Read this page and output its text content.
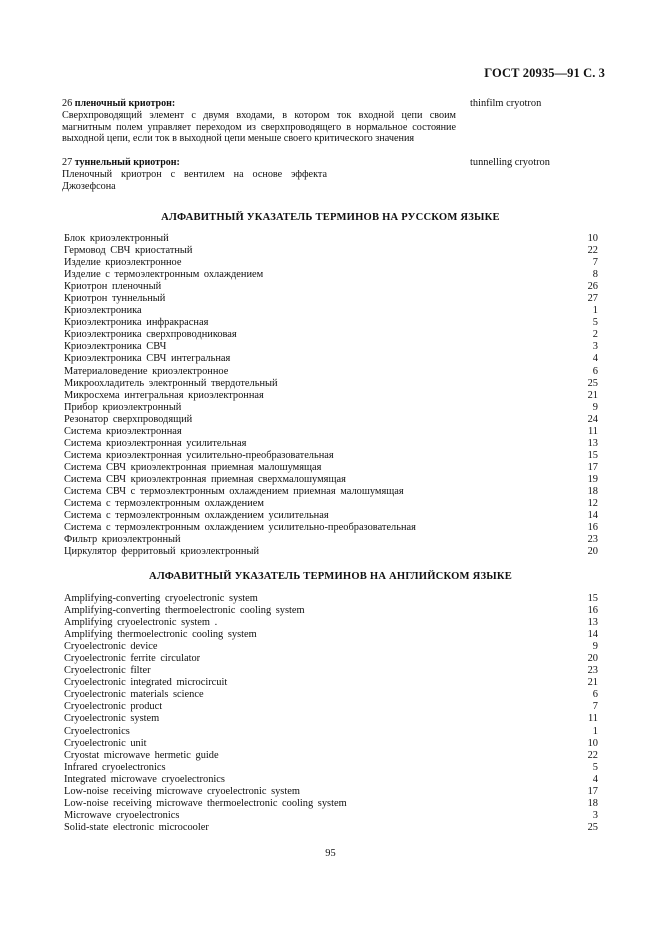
ГОСТ 20935—91 С. 3
26 пленочный криотрон:
Сверхпроводящий элемент с двумя входами, в котором ток входной цепи своим магнитным полем управляет переходом из сверхпроводящего в нормальное состояние выходной цепи, если ток в выходной цепи меньше своего критического значения
thinfilm cryotron
27 туннельный криотрон:
Пленочный криотрон с вентилем на основе эффекта Джозефсона
tunnelling cryotron
АЛФАВИТНЫЙ УКАЗАТЕЛЬ ТЕРМИНОВ НА РУССКОМ ЯЗЫКЕ
Блок криоэлектронный	10
Гермовод СВЧ криостатный	22
Изделие криоэлектронное	7
Изделие с термоэлектронным охлаждением	8
Криотрон пленочный	26
Криотрон туннельный	27
Криоэлектроника	1
Криоэлектроника инфракрасная	5
Криоэлектроника сверхпроводниковая	2
Криоэлектроника СВЧ	3
Криоэлектроника СВЧ интегральная	4
Материаловедение криоэлектронное	6
Микроохладитель электронный твердотельный	25
Микросхема интегральная криоэлектронная	21
Прибор криоэлектронный	9
Резонатор сверхпроводящий	24
Система криоэлектронная	11
Система криоэлектронная усилительная	13
Система криоэлектронная усилительно-преобразовательная	15
Система СВЧ криоэлектронная приемная малошумящая	17
Система СВЧ криоэлектронная приемная сверхмалошумящая	19
Система СВЧ с термоэлектронным охлаждением приемная малошумящая	18
Система с термоэлектронным охлаждением	12
Система с термоэлектронным охлаждением усилительная	14
Система с термоэлектронным охлаждением усилительно-преобразовательная	16
Фильтр криоэлектронный	23
Циркулятор ферритовый криоэлектронный	20
АЛФАВИТНЫЙ УКАЗАТЕЛЬ ТЕРМИНОВ НА АНГЛИЙСКОМ ЯЗЫКЕ
Amplifying-converting cryoelectronic system	15
Amplifying-converting thermoelectronic cooling system	16
Amplifying cryoelectronic system .	13
Amplifying thermoelectronic cooling system	14
Cryoelectronic device	9
Cryoelectronic ferrite circulator	20
Cryoelectronic filter	23
Cryoelectronic integrated microcircuit	21
Cryoelectronic materials science	6
Cryoelectronic product	7
Cryoelectronic system	11
Cryoelectronics	1
Cryoelectronic unit	10
Cryostat microwave hermetic guide	22
Infrared cryoelectronics	5
Integrated microwave cryoelectronics	4
Low-noise receiving microwave cryoelectronic system	17
Low-noise receiving microwave thermoelectronic cooling system	18
Microwave cryoelectronics	3
Solid-state electronic microcooler	25
95
